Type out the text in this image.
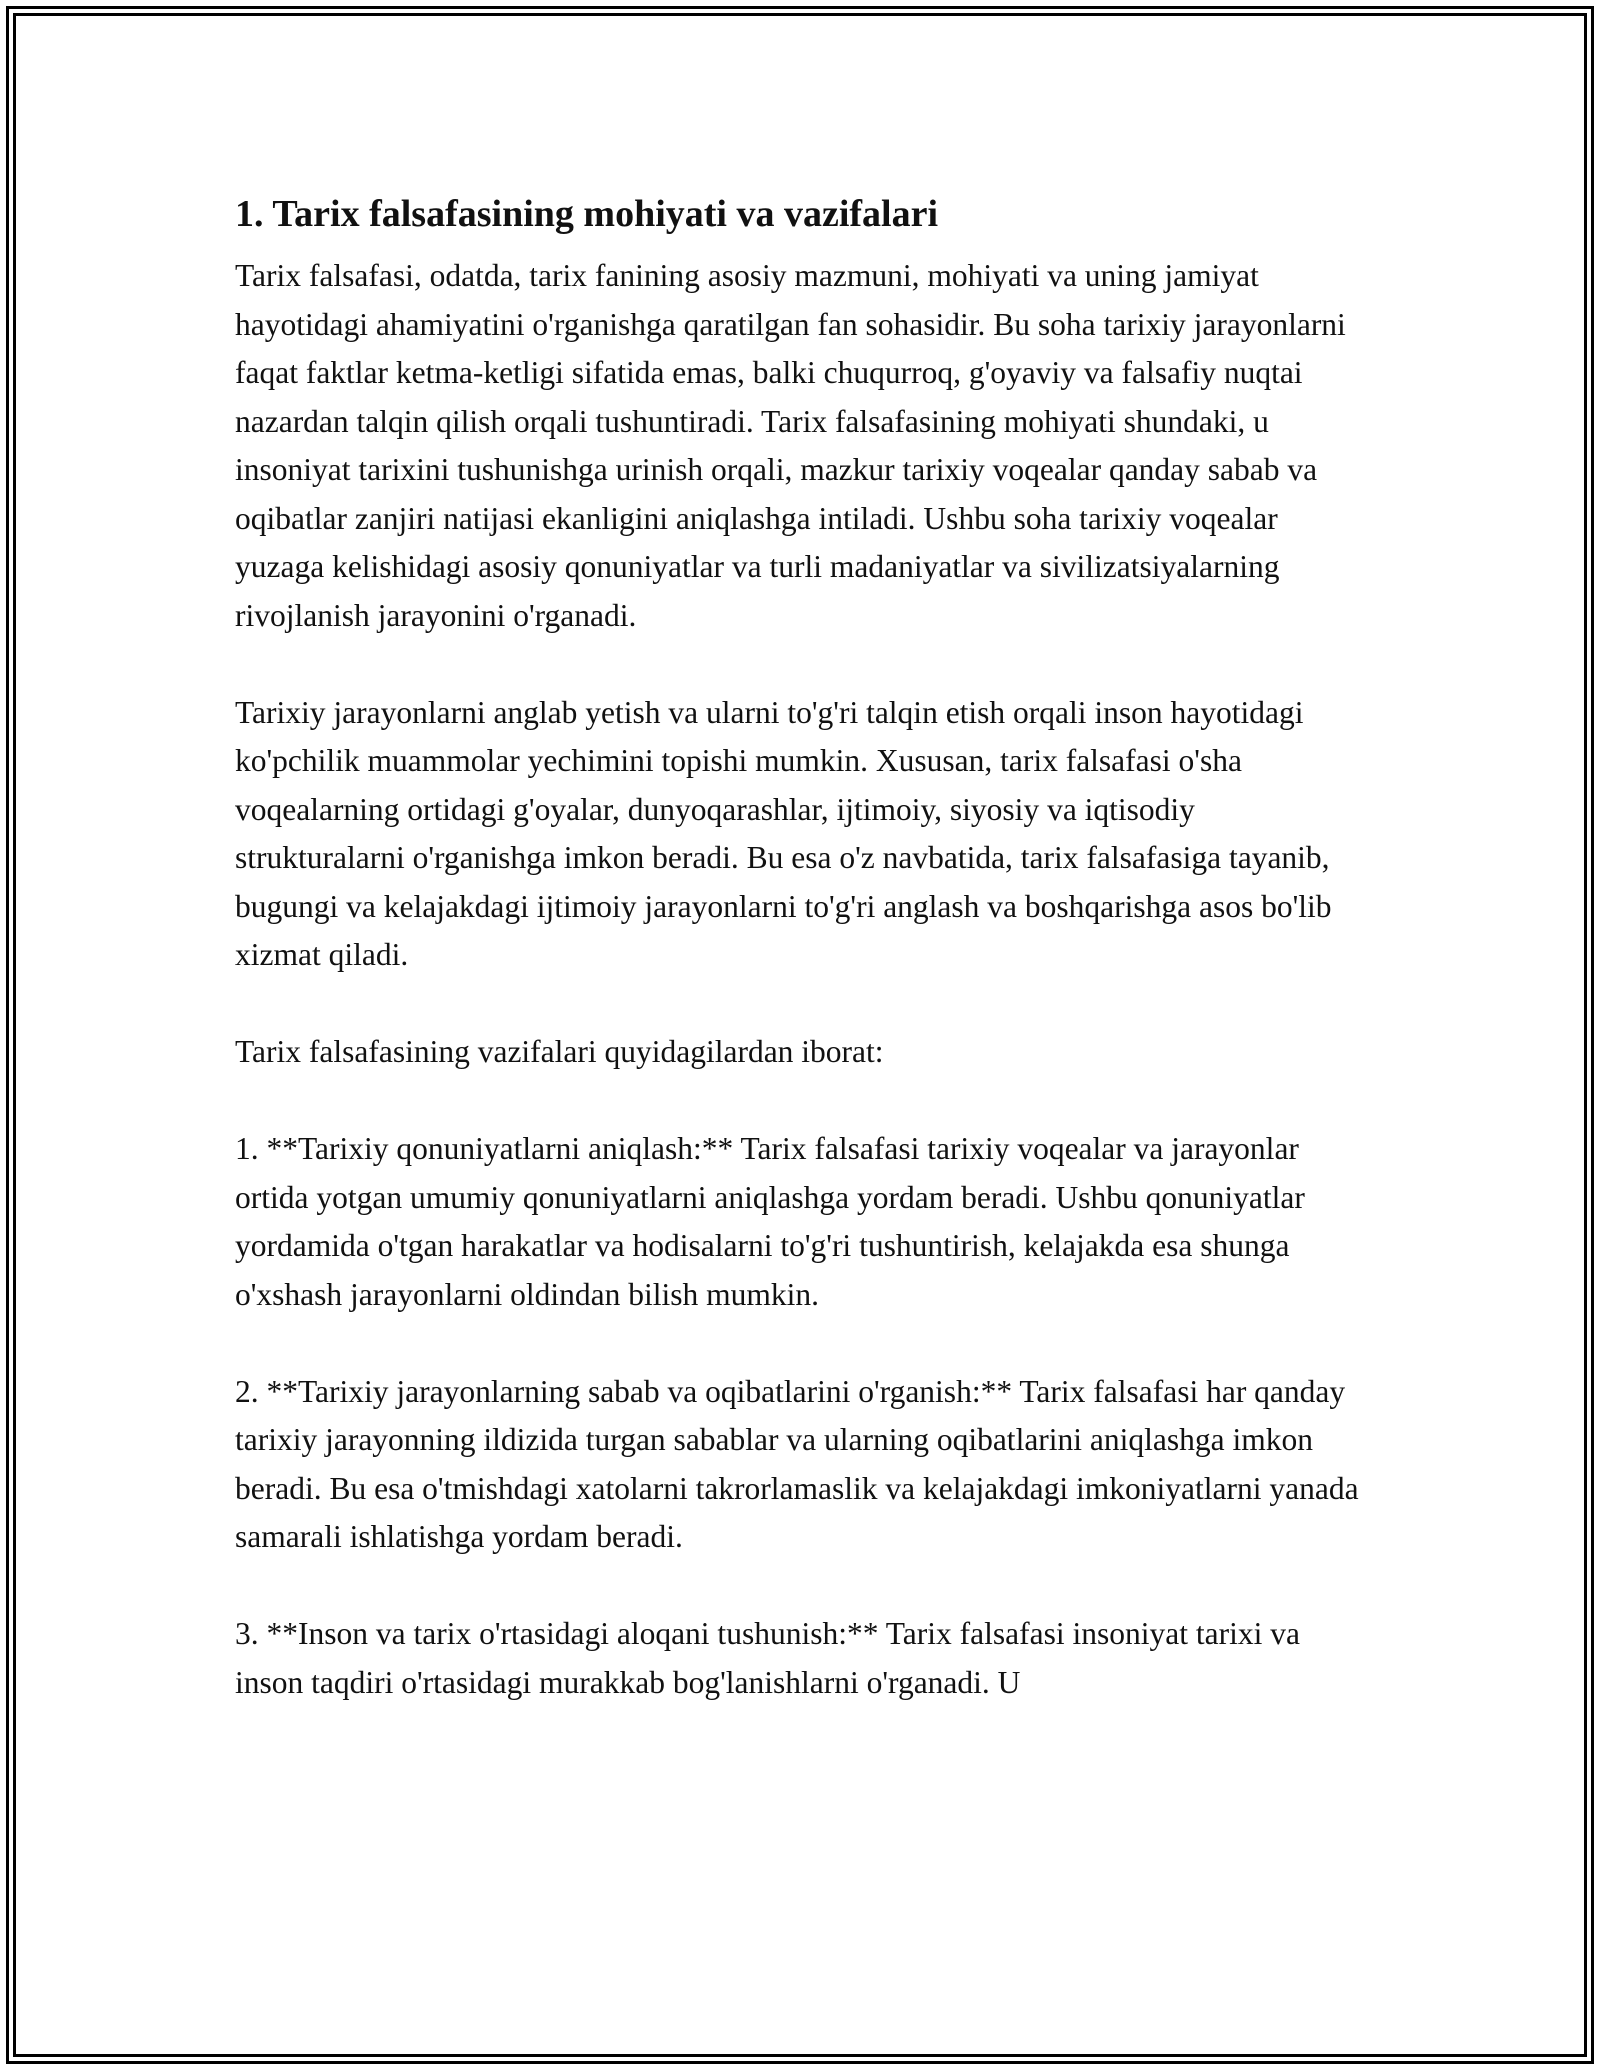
1. Tarix falsafasining mohiyati va vazifalari

Tarix falsafasi, odatda, tarix fanining asosiy mazmuni, mohiyati va uning jamiyat hayotidagi ahamiyatini o'rganishga qaratilgan fan sohasidir. Bu soha tarixiy jarayonlarni faqat faktlar ketma-ketligi sifatida emas, balki chuqurroq, g'oyaviy va falsafiy nuqtai nazardan talqin qilish orqali tushuntiradi. Tarix falsafasining mohiyati shundaki, u insoniyat tarixini tushunishga urinish orqali, mazkur tarixiy voqealar qanday sabab va oqibatlar zanjiri natijasi ekanligini aniqlashga intiladi. Ushbu soha tarixiy voqealar yuzaga kelishidagi asosiy qonuniyatlar va turli madaniyatlar va sivilizatsiyalarning rivojlanish jarayonini o'rganadi.

Tarixiy jarayonlarni anglab yetish va ularni to'g'ri talqin etish orqali inson hayotidagi ko'pchilik muammolar yechimini topishi mumkin. Xususan, tarix falsafasi o'sha voqealarning ortidagi g'oyalar, dunyoqarashlar, ijtimoiy, siyosiy va iqtisodiy strukturalarni o'rganishga imkon beradi. Bu esa o'z navbatida, tarix falsafasiga tayanib, bugungi va kelajakdagi ijtimoiy jarayonlarni to'g'ri anglash va boshqarishga asos bo'lib xizmat qiladi.

Tarix falsafasining vazifalari quyidagilardan iborat:

1. **Tarixiy qonuniyatlarni aniqlash:** Tarix falsafasi tarixiy voqealar va jarayonlar ortida yotgan umumiy qonuniyatlarni aniqlashga yordam beradi. Ushbu qonuniyatlar yordamida o'tgan harakatlar va hodisalarni to'g'ri tushuntirish, kelajakda esa shunga o'xshash jarayonlarni oldindan bilish mumkin.

2. **Tarixiy jarayonlarning sabab va oqibatlarini o'rganish:** Tarix falsafasi har qanday tarixiy jarayonning ildizida turgan sabablar va ularning oqibatlarini aniqlashga imkon beradi. Bu esa o'tmishdagi xatolarni takrorlamaslik va kelajakdagi imkoniyatlarni yanada samarali ishlatishga yordam beradi.

3. **Inson va tarix o'rtasidagi aloqani tushunish:** Tarix falsafasi insoniyat tarixi va inson taqdiri o'rtasidagi murakkab bog'lanishlarni o'rganadi. U
